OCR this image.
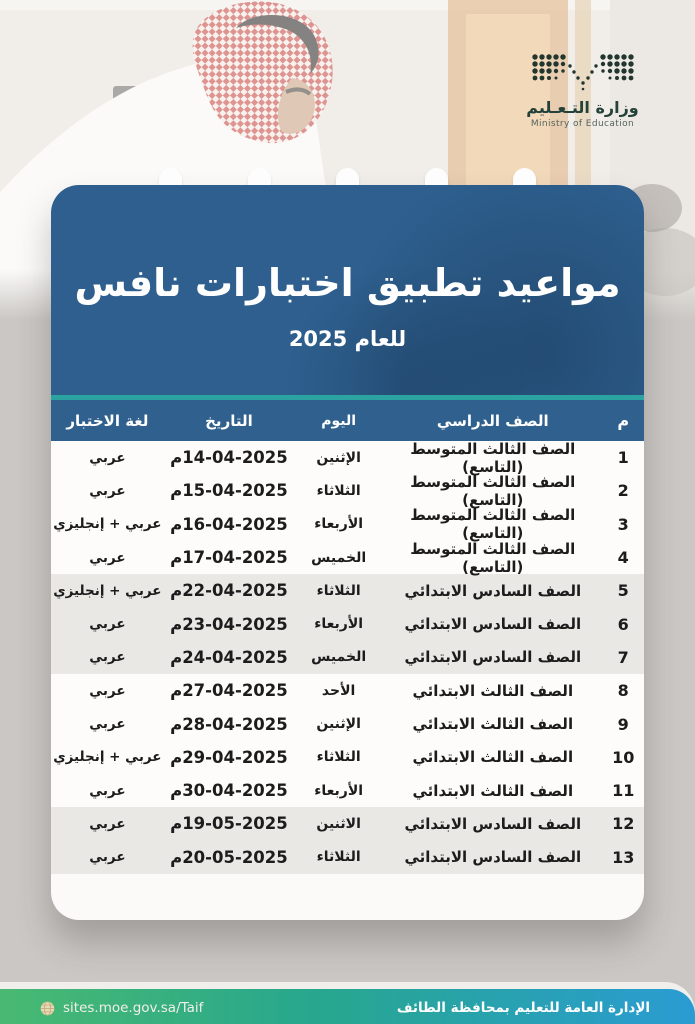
وزارة التـعـليم
Ministry of Education
مواعيد تطبيق اختبارات نافس
للعام 2025
م
الصف الدراسي
اليوم
التاريخ
لغة الاختبار
1
الصف الثالث المتوسط (التاسع)
الإثنين
14-04-2025م
عربي
2
الصف الثالث المتوسط (التاسع)
الثلاثاء
15-04-2025م
عربي
3
الصف الثالث المتوسط (التاسع)
الأربعاء
16-04-2025م
عربي + إنجليزي
4
الصف الثالث المتوسط (التاسع)
الخميس
17-04-2025م
عربي
5
الصف السادس الابتدائي
الثلاثاء
22-04-2025م
عربي + إنجليزي
6
الصف السادس الابتدائي
الأربعاء
23-04-2025م
عربي
7
الصف السادس الابتدائي
الخميس
24-04-2025م
عربي
8
الصف الثالث الابتدائي
الأحد
27-04-2025م
عربي
9
الصف الثالث الابتدائي
الإثنين
28-04-2025م
عربي
10
الصف الثالث الابتدائي
الثلاثاء
29-04-2025م
عربي + إنجليزي
11
الصف الثالث الابتدائي
الأربعاء
30-04-2025م
عربي
12
الصف السادس الابتدائي
الاثنين
19-05-2025م
عربي
13
الصف السادس الابتدائي
الثلاثاء
20-05-2025م
عربي
sites.moe.gov.sa/Taif	الإدارة العامة للتعليم بمحافظة الطائف
